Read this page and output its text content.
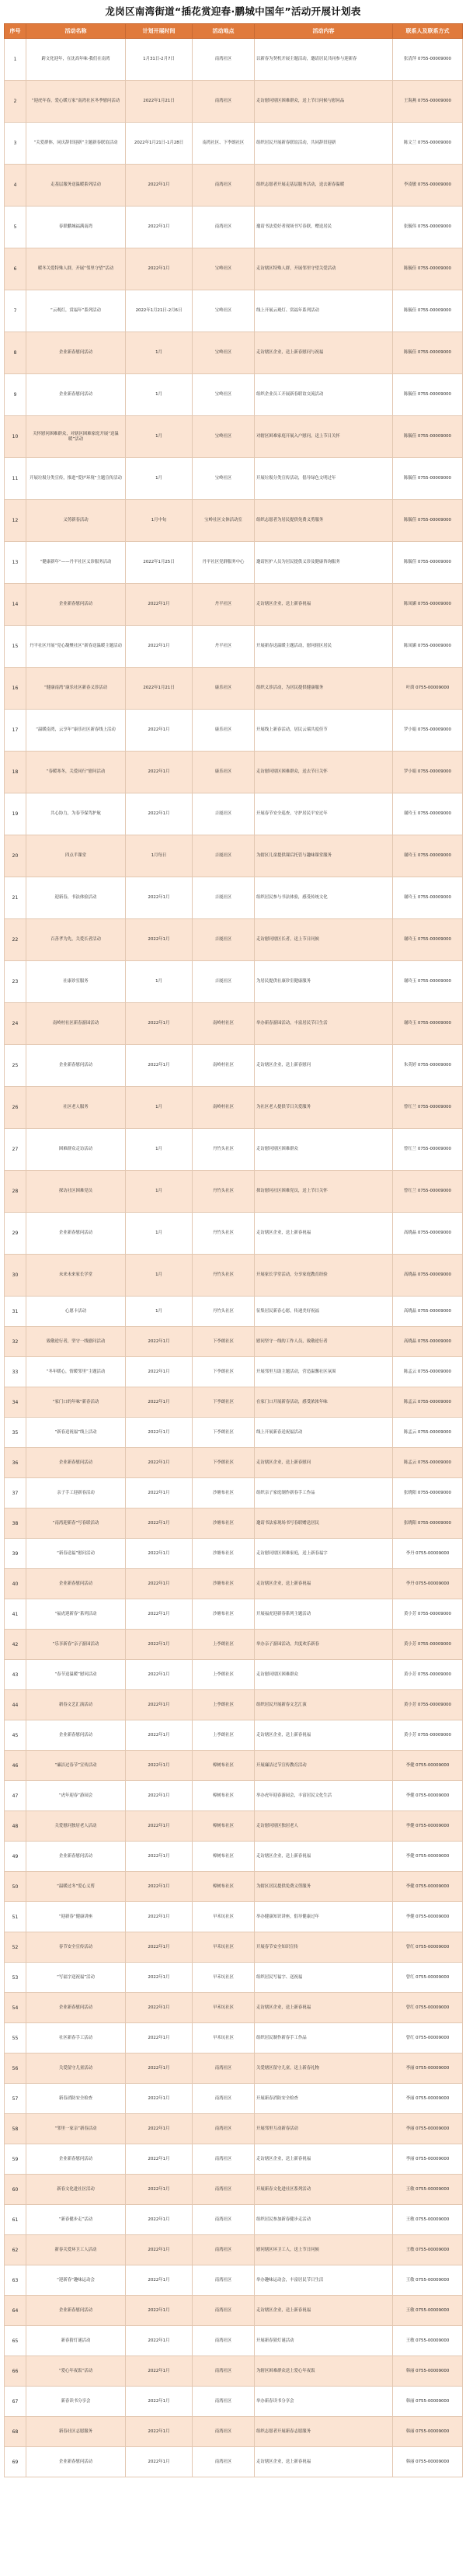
龙岗区南湾街道“插花赏迎春·鹏城中国年”活动开展计划表
序号	活动名称	计划开展时间	活动地点	活动内容	联系人及联系方式
1	跨文化迎年，在沈高年味·我们在南湾	1月31日-2月7日	南湾社区	以新春为契机开展主题活动，邀请居民共同参与迎新春	张清萍 0755-00009000
2	“迎虎年春，爱心暖万家”南湾社区冬季慰问活动	2022年1月21日	南湾社区	走访慰问辖区困难群众，送上节日问候与慰问品	王海燕 0755-00009000
3	“关爱群体，同庆辞旧迎新”主题新春联谊活动	2022年1月21日-1月28日	南湾社区、下李朗社区	组织居民开展新春联谊活动，共同辞旧迎新	陈文兰 0755-00009000
4	走基层服务送温暖系列活动	2022年1月	南湾社区	组织志愿者开展走基层服务活动，送去新春温暖	李凌敏 0755-00009000
5	春联鹏城福满南湾	2022年1月	南湾社区	邀请书法爱好者现场书写春联，赠送居民	张毓伟 0755-00009000
6	暖冬关爱特殊人群，开展“邻里守望”活动	2022年1月	宝岭社区	走访辖区特殊人群，开展邻里守望关爱活动	陈毓佳 0755-00009000
7	“云观灯，赏福年”系列活动	2022年1月21日-2月6日	宝岭社区	线上开展云观灯、赏福年系列活动	陈毓佳 0755-00009000
8	企业新春慰问活动	1月	宝岭社区	走访辖区企业，送上新春慰问与祝福	陈毓佳 0755-00009000
9	企业新春慰问活动	1月	宝岭社区	组织企业员工开展新春联谊交流活动	陈毓佳 0755-00009000
10	关怀慰问困难群众，对辖区困难家庭开展“送温暖”活动	1月	宝岭社区	对辖区困难家庭开展入户慰问，送上节日关怀	陈毓佳 0755-00009000
11	开展垃圾分类宣传，推进“爱护环境”主题宣传活动	1月	宝岭社区	开展垃圾分类宣传活动，倡导绿色文明过年	陈毓佳 0755-00009000
12	义剪新春活动	1月中旬	宝岭社区文体活动室	组织志愿者为居民提供免费义剪服务	陈毓佳 0755-00009000
13	“健康新年”——丹平社区义诊服务活动	2022年1月25日	丹平社区党群服务中心	邀请医护人员为居民提供义诊及健康咨询服务	陈毓佳 0755-00009000
14	企业新春慰问活动	2022年1月	丹平社区	走访辖区企业，送上新春祝福	陈凤媚 0755-00009000
15	丹平社区开展“党心凝聚社区”新春送温暖主题活动	2022年1月	丹平社区	开展新春送温暖主题活动，慰问辖区居民	陈凤媚 0755-00009000
16	“健康南湾”康乐社区新春义诊活动	2022年1月21日	康乐社区	组织义诊活动，为居民提供健康服务	叶茵 0755-00009000
17	“温暖南湾，云享年”康乐社区新春线上活动	2022年1月	康乐社区	开展线上新春活动，居民云端共度佳节	罗小娟 0755-00009000
18	“春暖寒冬，关爱同行”慰问活动	2022年1月	康乐社区	走访慰问辖区困难群众，送去节日关怀	罗小娟 0755-00009000
19	共心协力，为春节保驾护航	2022年1月	吉厦社区	开展春节安全巡查，守护居民平安过年	谢玲玉 0755-00009000
20	四点半课堂	1月每日	吉厦社区	为辖区儿童提供课后托管与趣味课堂服务	谢玲玉 0755-00009000
21	迎新春，书法体验活动	2022年1月	吉厦社区	组织居民参与书法体验，感受传统文化	谢玲玉 0755-00009000
22	百善孝为先，关爱长者活动	2022年1月	吉厦社区	走访慰问辖区长者，送上节日问候	谢玲玉 0755-00009000
23	社康诊室服务	1月	吉厦社区	为居民提供社康诊室健康服务	谢玲玉 0755-00009000
24	南岭村社区新春游园活动	2022年1月	南岭村社区	举办新春游园活动，丰富居民节日生活	谢玲玉 0755-00009000
25	企业新春慰问活动	2022年1月	南岭村社区	走访辖区企业，送上新春慰问	朱英婷 0755-00009000
26	社区老人服务	1月	南岭村社区	为社区老人提供节日关爱服务	曾红兰 0755-00009000
27	困难群众走访活动	1月	丹竹头社区	走访慰问辖区困难群众	曾红兰 0755-00009000
28	探访社区困难党员	1月	丹竹头社区	探访慰问社区困难党员，送上节日关怀	曾红兰 0755-00009000
29	企业新春慰问活动	1月	丹竹头社区	走访辖区企业，送上新春祝福	高晓晶 0755-00009000
30	未来未来家长学堂	1月	丹竹头社区	开展家长学堂活动，分享家庭教育经验	高晓晶 0755-00009000
31	心愿卡活动	1月	丹竹头社区	征集居民新春心愿，传递美好祝福	高晓晶 0755-00009000
32	致敬逆行者，坚守一线慰问活动	2022年1月	下李朗社区	慰问坚守一线的工作人员，致敬逆行者	高晓晶 0755-00009000
33	“冬年暖心，情暖邻里”主题活动	2022年1月	下李朗社区	开展邻里互助主题活动，营造温馨社区氛围	陈孟云 0755-00009000
34	“家门口的年味”新春活动	2022年1月	下李朗社区	在家门口开展新春活动，感受浓浓年味	陈孟云 0755-00009000
35	“新春送祝福”线上活动	2022年1月	下李朗社区	线上开展新春送祝福活动	陈孟云 0755-00009000
36	企业新春慰问活动	2022年1月	下李朗社区	走访辖区企业，送上新春慰问	陈孟云 0755-00009000
37	亲子手工迎新春活动	2022年1月	沙塘布社区	组织亲子家庭制作新春手工作品	张晓阳 0755-00009000
38	“南湾迎新春”写春联活动	2022年1月	沙塘布社区	邀请书法家现场书写春联赠送居民	张晓阳 0755-00009000
39	“新春送福”慰问活动	2022年1月	沙塘布社区	走访慰问辖区困难家庭，送上新春福字	李丹 0755-00009000
40	企业新春慰问活动	2022年1月	沙塘布社区	走访辖区企业，送上新春祝福	李丹 0755-00009000
41	“福虎迎新春”系列活动	2022年1月	沙塘布社区	开展福虎迎新春系列主题活动	黄小芳 0755-00009000
42	“乐享新春”亲子游园活动	2022年1月	上李朗社区	举办亲子游园活动，共度欢乐新春	黄小芳 0755-00009000
43	“春节送温暖”慰问活动	2022年1月	上李朗社区	走访慰问辖区困难群众	黄小芳 0755-00009000
44	新春文艺汇演活动	2022年1月	上李朗社区	组织居民开展新春文艺汇演	黄小芳 0755-00009000
45	企业新春慰问活动	2022年1月	上李朗社区	走访辖区企业，送上新春祝福	黄小芳 0755-00009000
46	“廉洁过春节”宣传活动	2022年1月	樟树布社区	开展廉洁过节宣传教育活动	李健 0755-00009000
47	“虎年迎春”游园会	2022年1月	樟树布社区	举办虎年迎春游园会，丰富居民文化生活	李健 0755-00009000
48	关爱慰问独居老人活动	2022年1月	樟树布社区	走访慰问辖区独居老人	李健 0755-00009000
49	企业新春慰问活动	2022年1月	樟树布社区	走访辖区企业，送上新春祝福	李健 0755-00009000
50	“温暖过冬”爱心义剪	2022年1月	樟树布社区	为辖区居民提供免费义剪服务	李健 0755-00009000
51	“迎新春”健康讲座	2022年1月	早禾坑社区	举办健康知识讲座，倡导健康过年	李健 0755-00009000
52	春节安全宣传活动	2022年1月	早禾坑社区	开展春节安全知识宣传	曾红 0755-00009000
53	“写福字送祝福”活动	2022年1月	早禾坑社区	组织居民写福字、送祝福	曾红 0755-00009000
54	企业新春慰问活动	2022年1月	早禾坑社区	走访辖区企业，送上新春祝福	曾红 0755-00009000
55	社区新春手工活动	2022年1月	早禾坑社区	组织居民制作新春手工作品	曾红 0755-00009000
56	关爱留守儿童活动	2022年1月	南湾社区	关爱辖区留守儿童，送上新春礼物	李丽 0755-00009000
57	新春消防安全检查	2022年1月	南湾社区	开展新春消防安全检查	李丽 0755-00009000
58	“邻里一家亲”新春活动	2022年1月	南湾社区	开展邻里互动新春活动	李丽 0755-00009000
59	企业新春慰问活动	2022年1月	南湾社区	走访辖区企业，送上新春祝福	李丽 0755-00009000
60	新春文化进社区活动	2022年1月	南湾社区	开展新春文化进社区系列活动	王敏 0755-00009000
61	“新春健步走”活动	2022年1月	南湾社区	组织居民参加新春健步走活动	王敏 0755-00009000
62	新春关爱环卫工人活动	2022年1月	南湾社区	慰问辖区环卫工人，送上节日问候	王敏 0755-00009000
63	“迎新春”趣味运动会	2022年1月	南湾社区	举办趣味运动会，丰富居民节日生活	王敏 0755-00009000
64	企业新春慰问活动	2022年1月	南湾社区	走访辖区企业，送上新春祝福	王敏 0755-00009000
65	新春猜灯谜活动	2022年1月	南湾社区	开展新春猜灯谜活动	王敏 0755-00009000
66	“爱心年夜饭”活动	2022年1月	南湾社区	为辖区困难群众送上爱心年夜饭	韩丽 0755-00009000
67	新春读书分享会	2022年1月	南湾社区	举办新春读书分享会	韩丽 0755-00009000
68	新春社区志愿服务	2022年1月	南湾社区	组织志愿者开展新春志愿服务	韩丽 0755-00009000
69	企业新春慰问活动	2022年1月	南湾社区	走访辖区企业，送上新春祝福	韩丽 0755-00009000
